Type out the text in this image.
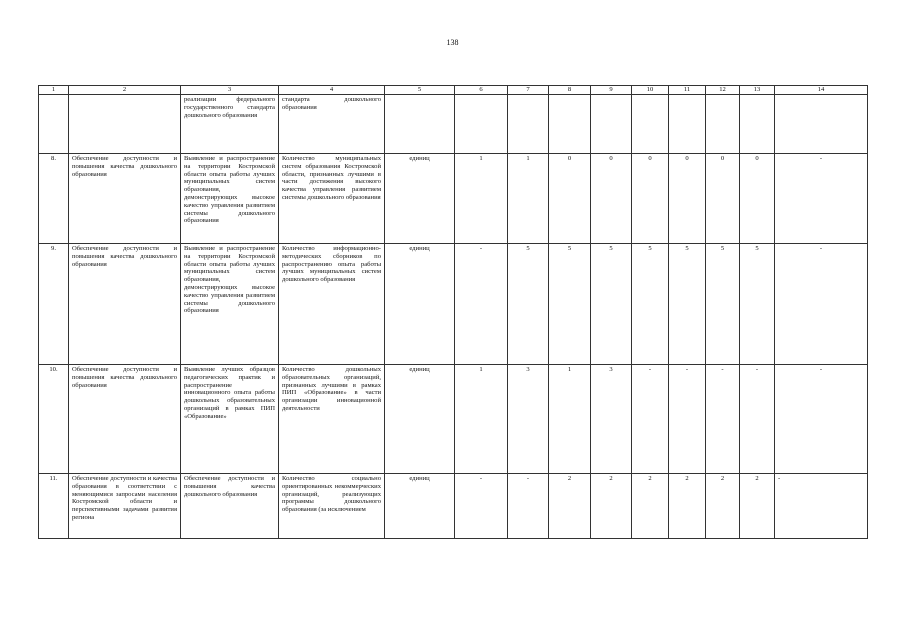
138
1	2	3	4	5	6	7	8	9	10	11	12	13	14
		реализации федерального государственного стандарта дошкольного образования	стандарта дошкольного образования										
8.	Обеспечение доступности и повышения качества дошкольного образования	Выявление и распространение на территории Костромской области опыта работы лучших муниципальных систем образования, демонстрирующих высокое качество управления развитием системы дошкольного образования	Количество муниципальных систем образования Костромской области, признанных лучшими в части достижения высокого качества управления развитием системы дошкольного образования	единиц	1	1	0	0	0	0	0	0	-
9.	Обеспечение доступности и повышения качества дошкольного образования	Выявление и распространение на территории Костромской области опыта работы лучших муниципальных систем образования, демонстрирующих высокое качество управления развитием системы дошкольного образования	Количество информационно-методических сборников по распространению опыта работы лучших муниципальных систем дошкольного образования	единиц	-	5	5	5	5	5	5	5	-
10.	Обеспечение доступности и повышения качества дошкольного образования	Выявление лучших образцов педагогических практик и распространение инновационного опыта работы дошкольных образовательных организаций в рамках ПИП «Образование»	Количество дошкольных образовательных организаций, признанных лучшими в рамках ПИП «Образование» в части организации инновационной деятельности	единиц	1	3	1	3	-	-	-	-	-
11.	Обеспечение доступности и качества образования в соответствии с меняющимися запросами населения Костромской области и перспективными задачами развития региона	Обеспечение доступности и повышения качества дошкольного образования	Количество социально ориентированных некоммерческих организаций, реализующих программы дошкольного образования (за исключением	единиц	-	-	2	2	2	2	2	2	-
